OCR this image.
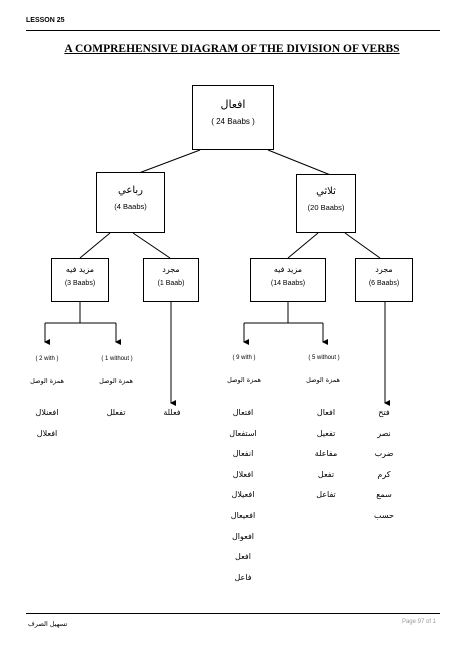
LESSON 25
A COMPREHENSIVE DIAGRAM OF THE DIVISION OF VERBS
افعال
( 24 Baabs )
رباعي
(4 Baabs)
ثلاثي
(20 Baabs)
مزيد فيه
(3 Baabs)
مجرد
(1 Baab)
مزيد فيه
(14 Baabs)
مجرد
(6 Baabs)
( 2 with )
همزة الوصل
( 1 without )
همزة الوصل
( 9 with )
همزة الوصل
( 5 without )
همزة الوصل
افعنلال
افعلال
تفعلل	فعللة	افتعال
استفعال
انفعال
افعلال
افعيلال
افعيعال
افعوال
افعل
فاعل
افعال
تفعيل
مفاعلة
تفعل
تفاعل
فتح
نصر
ضرب
كرم
سمع
حسب
تسهيل الصرف	Page 97 of 1
